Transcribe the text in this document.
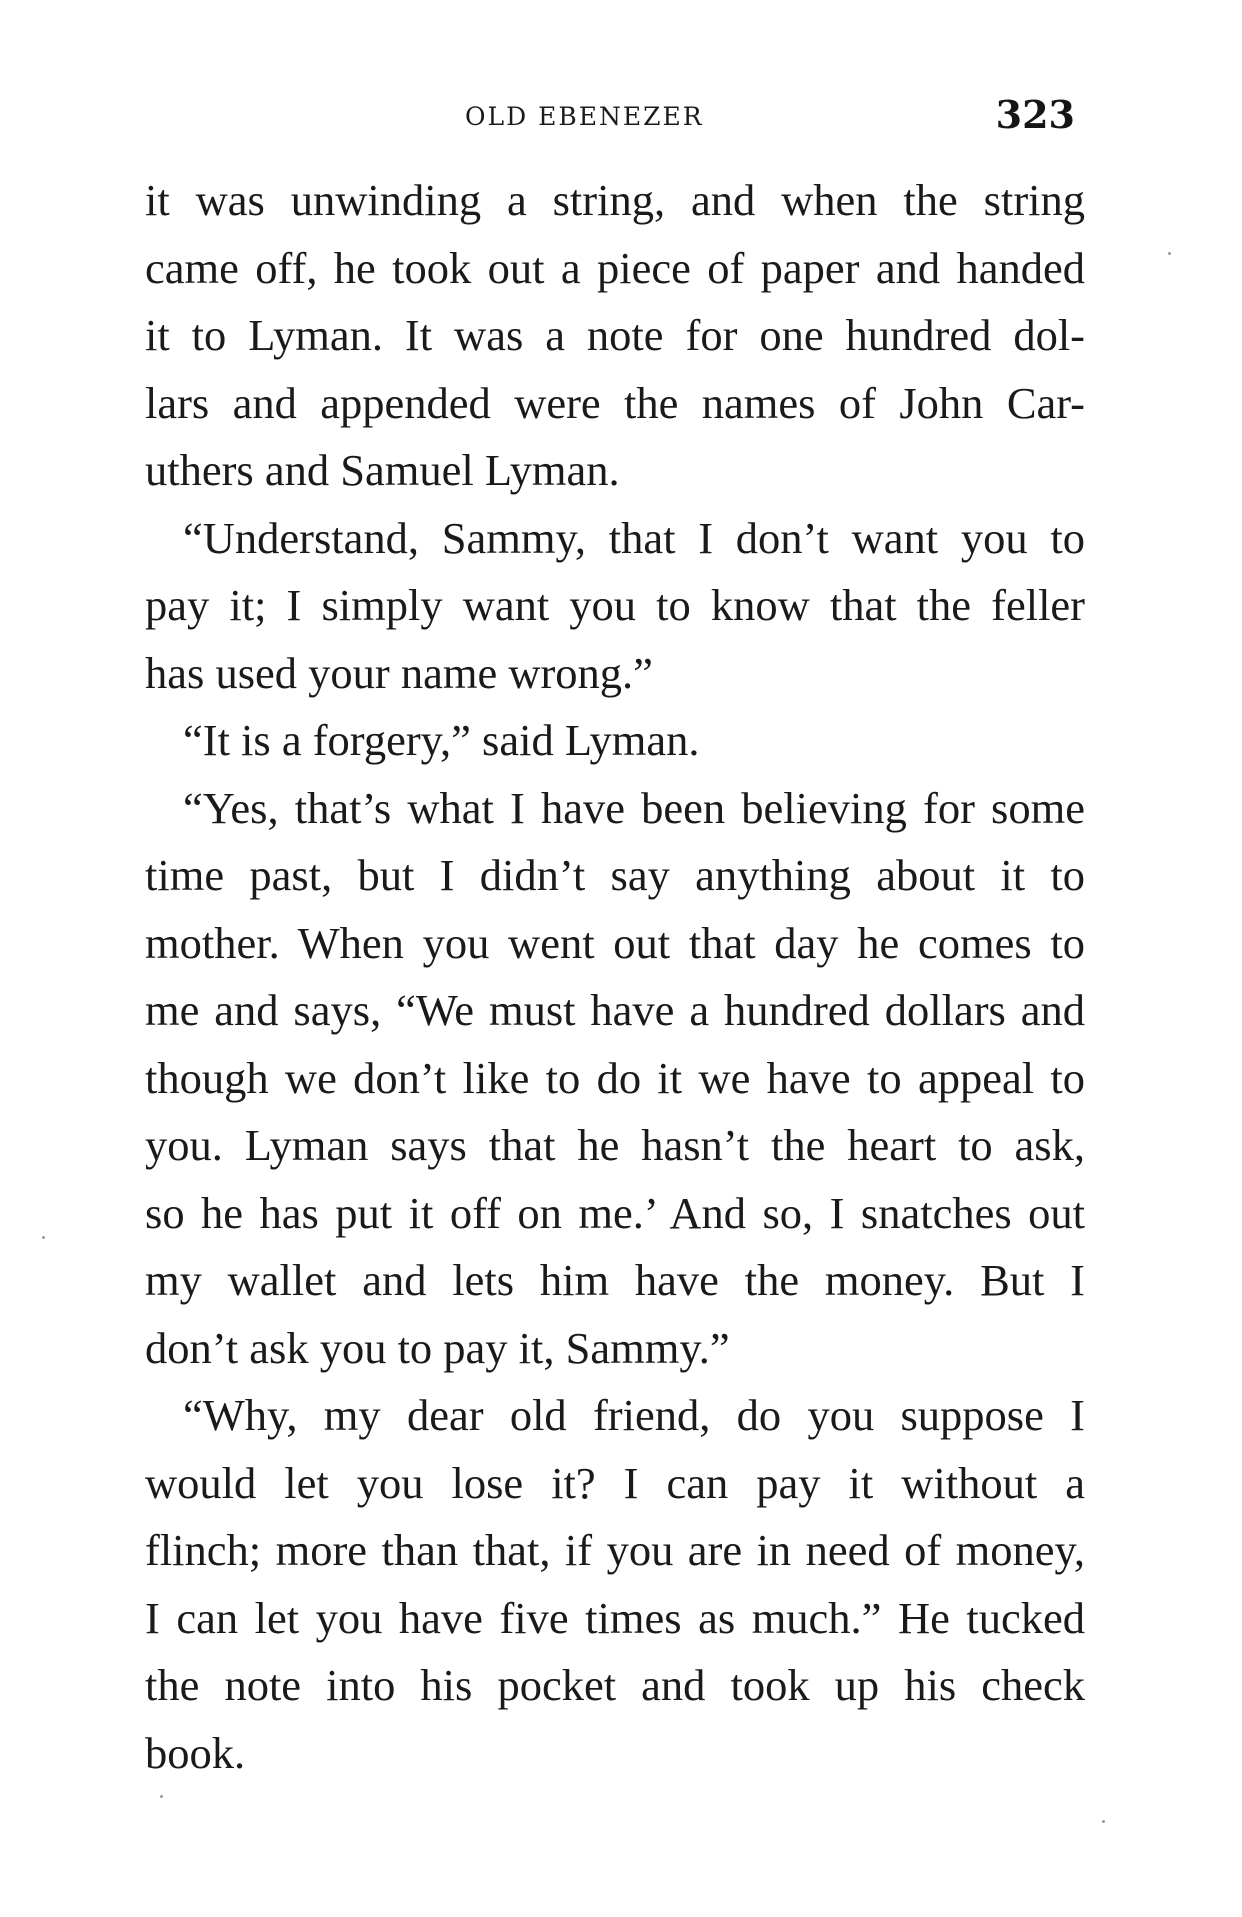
OLD EBENEZER	323
it was unwinding a string, and when the string
came off, he took out a piece of paper and handed
it to Lyman. It was a note for one hundred dol-
lars and appended were the names of John Car-
uthers and Samuel Lyman.
“Understand, Sammy, that I don’t want you to
pay it; I simply want you to know that the feller
has used your name wrong.”
“It is a forgery,” said Lyman.
“Yes, that’s what I have been believing for some
time past, but I didn’t say anything about it to
mother. When you went out that day he comes to
me and says, “We must have a hundred dollars and
though we don’t like to do it we have to appeal to
you. Lyman says that he hasn’t the heart to ask,
so he has put it off on me.’ And so, I snatches out
my wallet and lets him have the money. But I
don’t ask you to pay it, Sammy.”
“Why, my dear old friend, do you suppose I
would let you lose it? I can pay it without a
flinch; more than that, if you are in need of money,
I can let you have five times as much.” He tucked
the note into his pocket and took up his check
book.
